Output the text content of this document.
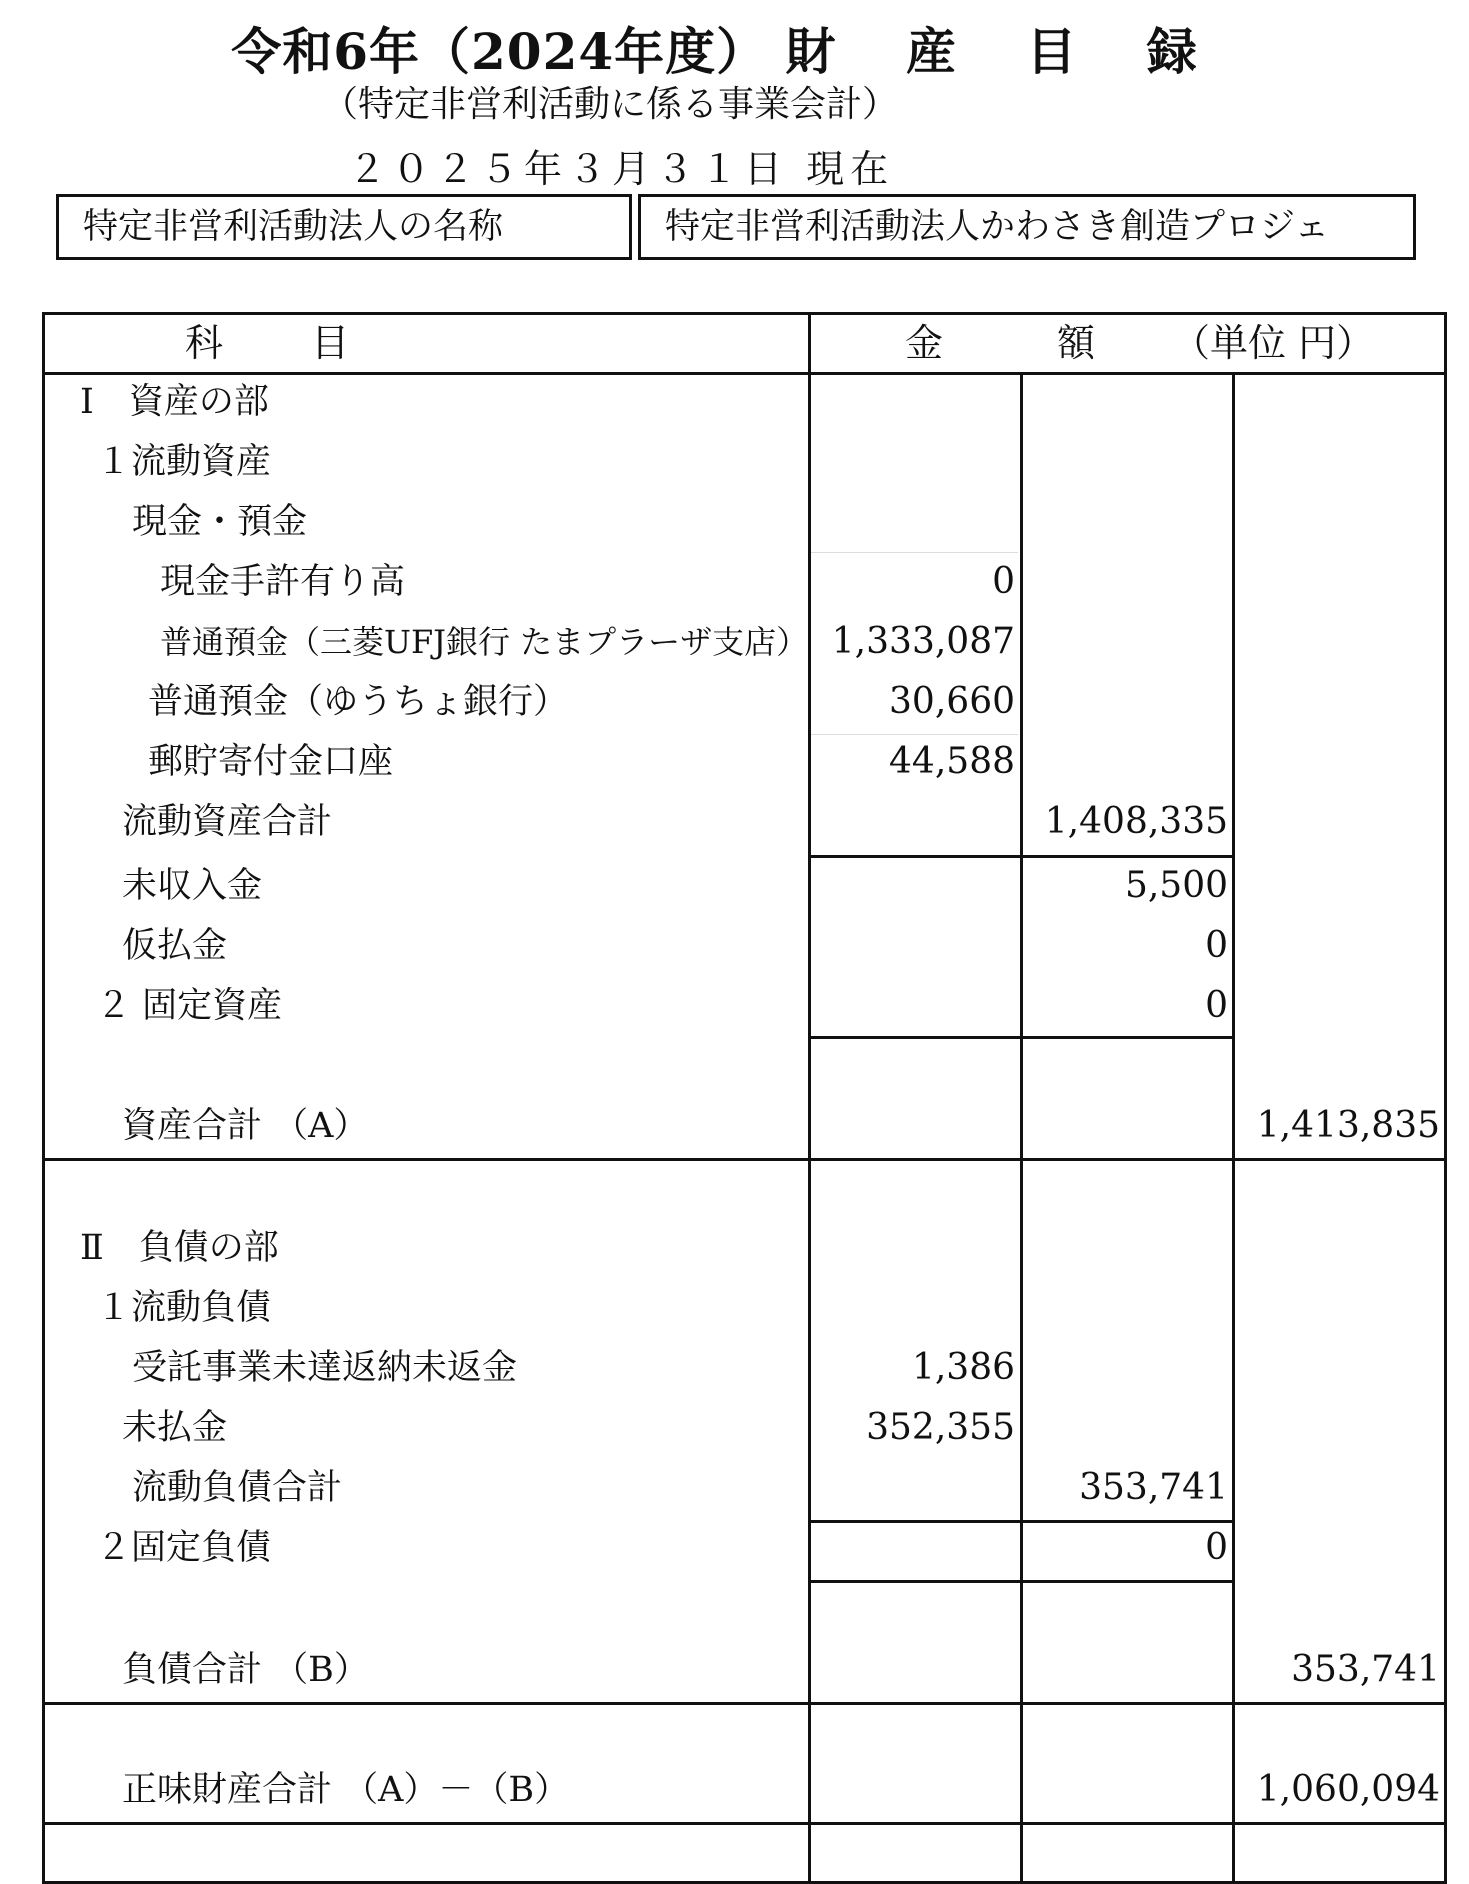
令和6年（2024年度） 財　 産　 目　 録
（特定非営利活動に係る事業会計）
２０２５年３月３１日 現在
特定非営利活動法人の名称	特定非営利活動法人かわさき創造プロジェ
科　　 目	金　　　額 （単位 円）
Ⅰ　資産の部
１流動資産
現金・預金
現金手許有り高	0
普通預金（三菱UFJ銀行 たまプラーザ支店） 1,333,087
普通預金（ゆうちょ銀行）	30,660
郵貯寄付金口座	44,588
流動資産合計	1,408,335
未収入金	5,500
仮払金	0
２ 固定資産	0
資産合計 （A）	1,413,835
Ⅱ　負債の部
１流動負債
受託事業未達返納未返金	1,386
未払金	352,355
流動負債合計	353,741
２固定負債	0
負債合計 （B）	353,741
正味財産合計 （A）－（B）	1,060,094
